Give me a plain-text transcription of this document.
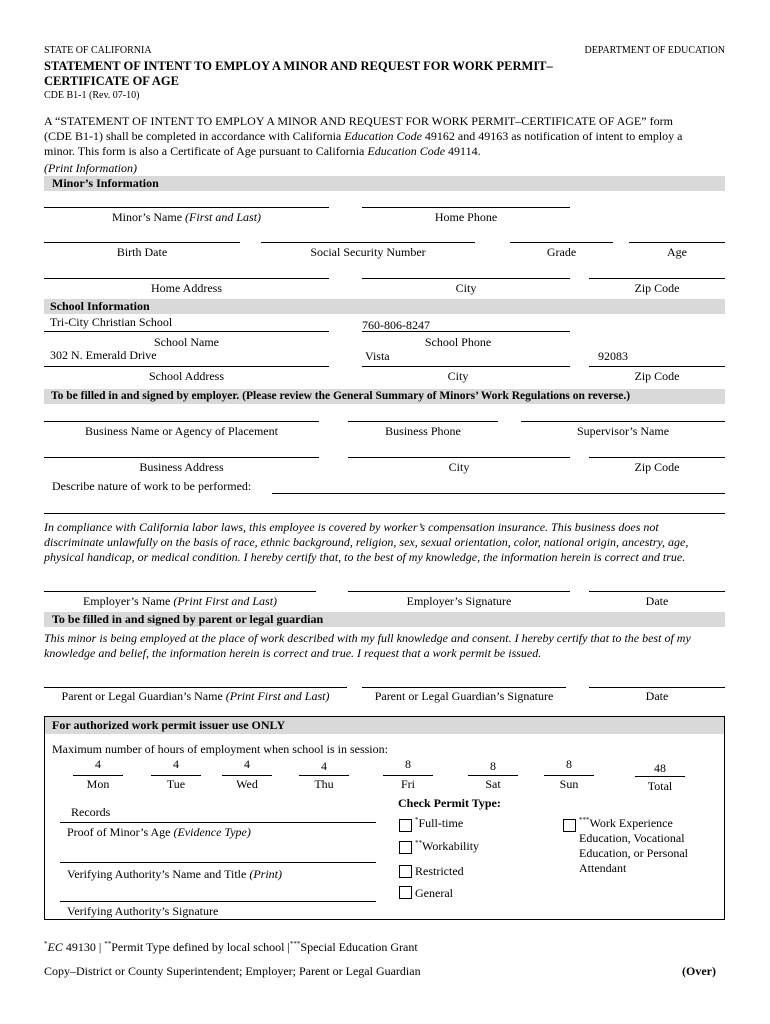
STATE OF CALIFORNIA	DEPARTMENT OF EDUCATION
STATEMENT OF INTENT TO EMPLOY A MINOR AND REQUEST FOR WORK PERMIT–
CERTIFICATE OF AGE
CDE B1-1 (Rev. 07-10)
A “STATEMENT OF INTENT TO EMPLOY A MINOR AND REQUEST FOR WORK PERMIT–CERTIFICATE OF AGE” form
(CDE B1-1) shall be completed in accordance with California Education Code 49162 and 49163 as notification of intent to employ a
minor. This form is also a Certificate of Age pursuant to California Education Code 49114.
(Print Information)
Minor’s Information
Minor’s Name (First and Last)	Home Phone
Birth Date	Social Security Number	Grade	Age
Home Address	City	Zip Code
School Information
Tri-City Christian School	760-806-8247
School Name	School Phone
302 N. Emerald Drive	Vista	92083
School Address	City	Zip Code
To be filled in and signed by employer. (Please review the General Summary of Minors’ Work Regulations on reverse.)
Business Name or Agency of Placement	Business Phone	Supervisor’s Name
Business Address	City	Zip Code
Describe nature of work to be performed:
In compliance with California labor laws, this employee is covered by worker’s compensation insurance. This business does not
discriminate unlawfully on the basis of race, ethnic background, religion, sex, sexual orientation, color, national origin, ancestry, age,
physical handicap, or medical condition. I hereby certify that, to the best of my knowledge, the information herein is correct and true.
Employer’s Name (Print First and Last)	Employer’s Signature	Date
To be filled in and signed by parent or legal guardian
This minor is being employed at the place of work described with my full knowledge and consent. I hereby certify that to the best of my
knowledge and belief, the information herein is correct and true. I request that a work permit be issued.
Parent or Legal Guardian’s Name (Print First and Last)	Parent or Legal Guardian’s Signature	Date
For authorized work permit issuer use ONLY
Maximum number of hours of employment when school is in session:
4	4	4	4	8	8	8	48
Mon	Tue	Wed	Thu	Fri	Sat	Sun	Total
Records
Proof of Minor’s Age (Evidence Type)
Verifying Authority’s Name and Title (Print)
Verifying Authority’s Signature
Check Permit Type:
*Full-time
**Workability
Restricted
General
***Work Experience
Education, Vocational
Education, or Personal
Attendant
*EC 49130 | **Permit Type defined by local school |***Special Education Grant
Copy–District or County Superintendent; Employer; Parent or Legal Guardian	(Over)
